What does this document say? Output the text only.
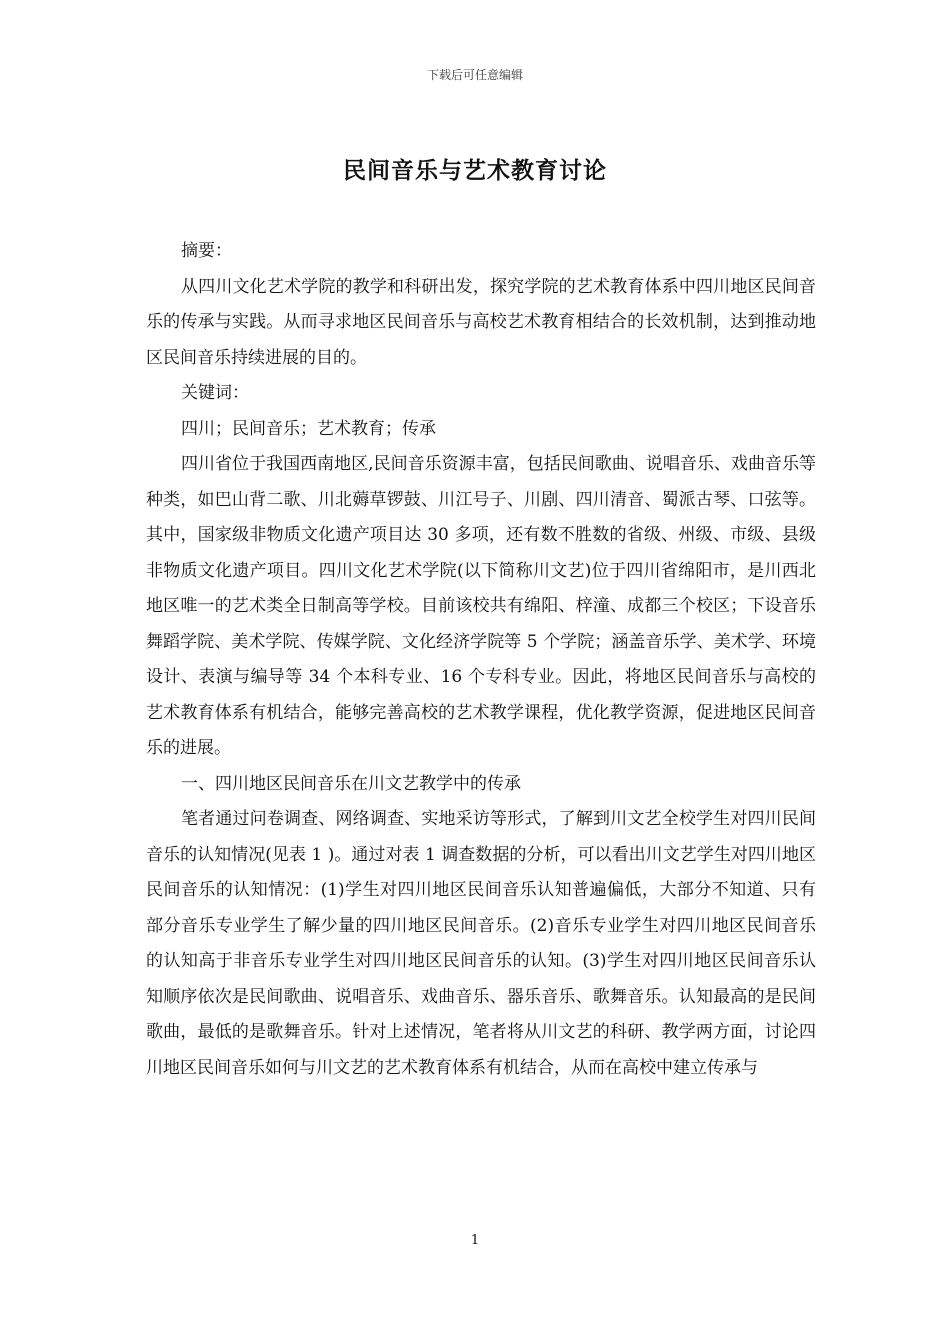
下载后可任意编辑
民间音乐与艺术教育讨论

摘要：

从四川文化艺术学院的教学和科研出发，探究学院的艺术教育体系中四川地区民间音乐的传承与实践。从而寻求地区民间音乐与高校艺术教育相结合的长效机制，达到推动地区民间音乐持续进展的目的。

关键词：

四川；民间音乐；艺术教育；传承

四川省位于我国西南地区,民间音乐资源丰富，包括民间歌曲、说唱音乐、戏曲音乐等种类，如巴山背二歌、川北薅草锣鼓、川江号子、川剧、四川清音、蜀派古琴、口弦等。其中，国家级非物质文化遗产项目达 30 多项，还有数不胜数的省级、州级、市级、县级非物质文化遗产项目。四川文化艺术学院(以下简称川文艺)位于四川省绵阳市，是川西北地区唯一的艺术类全日制高等学校。目前该校共有绵阳、梓潼、成都三个校区；下设音乐舞蹈学院、美术学院、传媒学院、文化经济学院等 5 个学院；涵盖音乐学、美术学、环境设计、表演与编导等 34 个本科专业、16 个专科专业。因此，将地区民间音乐与高校的艺术教育体系有机结合，能够完善高校的艺术教学课程，优化教学资源，促进地区民间音乐的进展。

一、四川地区民间音乐在川文艺教学中的传承

笔者通过问卷调查、网络调查、实地采访等形式，了解到川文艺全校学生对四川民间音乐的认知情况(见表 1 )。通过对表 1 调查数据的分析，可以看出川文艺学生对四川地区民间音乐的认知情况：(1)学生对四川地区民间音乐认知普遍偏低，大部分不知道、只有部分音乐专业学生了解少量的四川地区民间音乐。(2)音乐专业学生对四川地区民间音乐的认知高于非音乐专业学生对四川地区民间音乐的认知。(3)学生对四川地区民间音乐认知顺序依次是民间歌曲、说唱音乐、戏曲音乐、器乐音乐、歌舞音乐。认知最高的是民间歌曲，最低的是歌舞音乐。针对上述情况，笔者将从川文艺的科研、教学两方面，讨论四川地区民间音乐如何与川文艺的艺术教育体系有机结合，从而在高校中建立传承与

1
